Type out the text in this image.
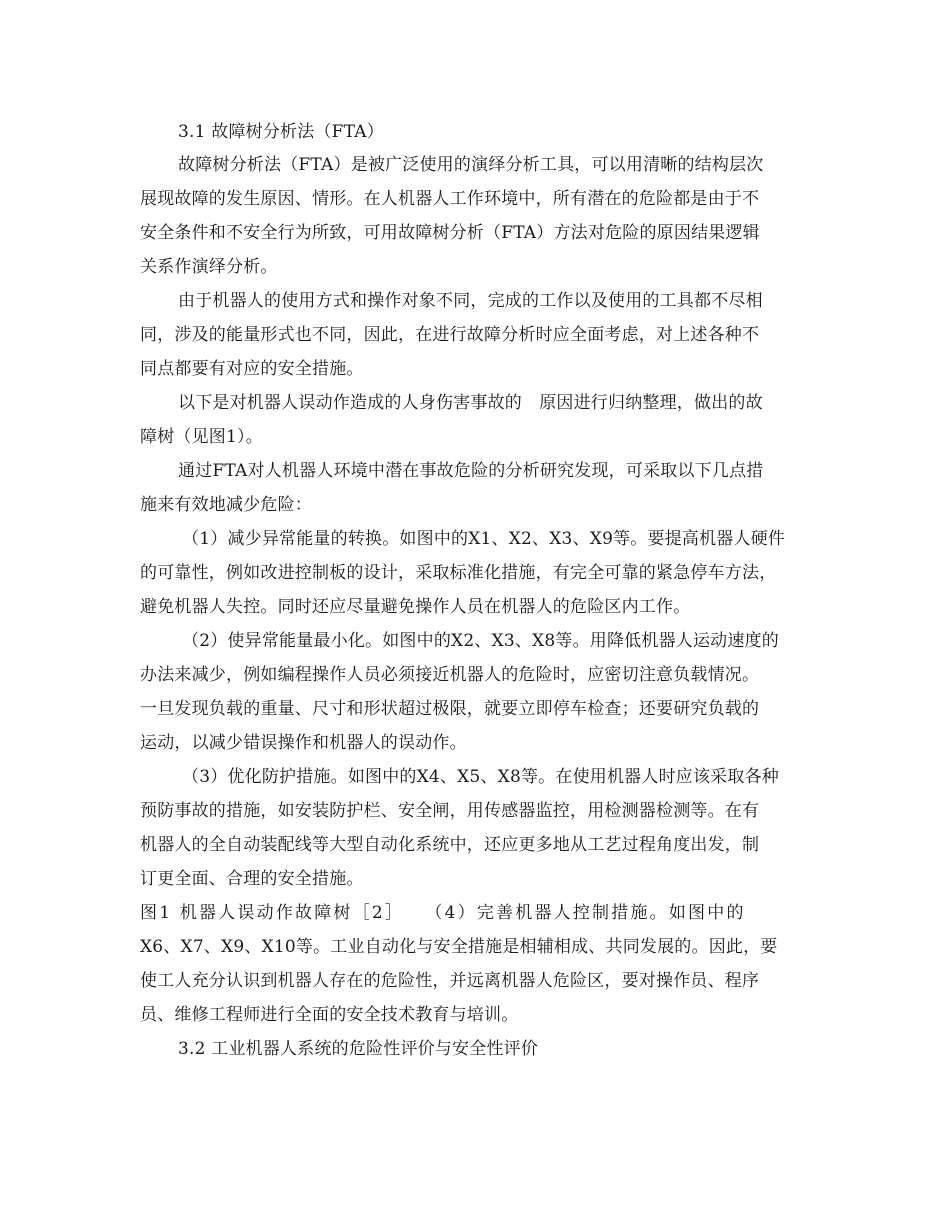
3.1 故障树分析法（FTA）
故障树分析法（FTA）是被广泛使用的演绎分析工具，可以用清晰的结构层次
展现故障的发生原因、情形。在人机器人工作环境中，所有潜在的危险都是由于不
安全条件和不安全行为所致，可用故障树分析（FTA）方法对危险的原因结果逻辑
关系作演绎分析。
由于机器人的使用方式和操作对象不同，完成的工作以及使用的工具都不尽相
同，涉及的能量形式也不同，因此，在进行故障分析时应全面考虑，对上述各种不
同点都要有对应的安全措施。
以下是对机器人误动作造成的人身伤害事故的　原因进行归纳整理，做出的故
障树（见图1）。
通过FTA对人机器人环境中潜在事故危险的分析研究发现，可采取以下几点措
施来有效地减少危险：
（1）减少异常能量的转换。如图中的X1、X2、X3、X9等。要提高机器人硬件
的可靠性，例如改进控制板的设计，采取标准化措施，有完全可靠的紧急停车方法，
避免机器人失控。同时还应尽量避免操作人员在机器人的危险区内工作。
（2）使异常能量最小化。如图中的X2、X3、X8等。用降低机器人运动速度的
办法来减少，例如编程操作人员必须接近机器人的危险时，应密切注意负载情况。
一旦发现负载的重量、尺寸和形状超过极限，就要立即停车检查；还要研究负载的
运动，以减少错误操作和机器人的误动作。
（3）优化防护措施。如图中的X4、X5、X8等。在使用机器人时应该采取各种
预防事故的措施，如安装防护栏、安全闸，用传感器监控，用检测器检测等。在有
机器人的全自动装配线等大型自动化系统中，还应更多地从工艺过程角度出发，制
订更全面、合理的安全措施。
图1 机器人误动作故障树［2］　　（4）完善机器人控制措施。如图中的
X6、X7、X9、X10等。工业自动化与安全措施是相辅相成、共同发展的。因此，要
使工人充分认识到机器人存在的危险性，并远离机器人危险区，要对操作员、程序
员、维修工程师进行全面的安全技术教育与培训。
3.2 工业机器人系统的危险性评价与安全性评价
